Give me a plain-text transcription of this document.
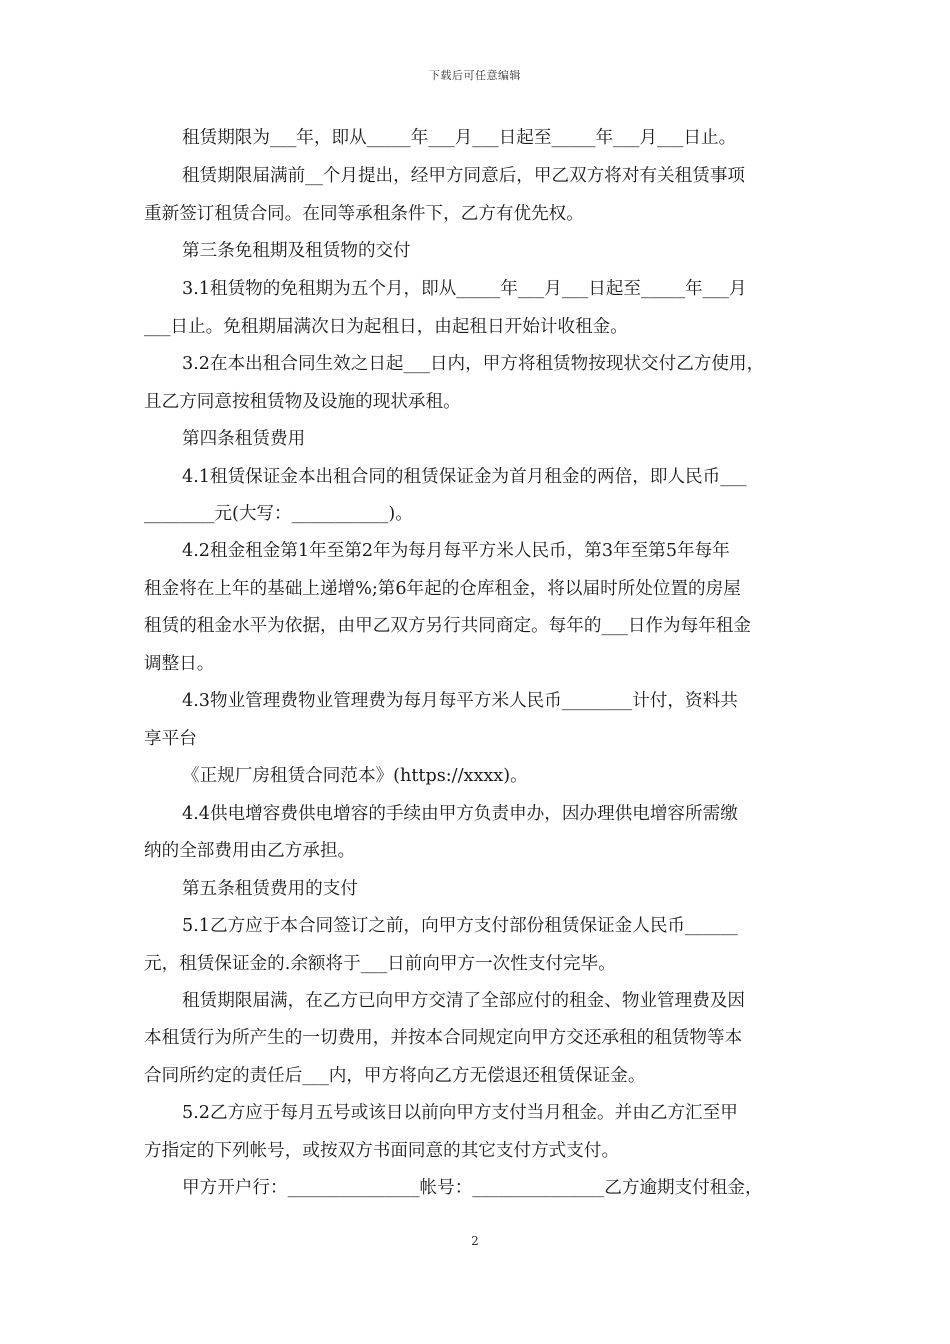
下载后可任意编辑
租赁期限为___年，即从_____年___月___日起至_____年___月___日止。
租赁期限届满前__个月提出，经甲方同意后，甲乙双方将对有关租赁事项
重新签订租赁合同。在同等承租条件下，乙方有优先权。
第三条免租期及租赁物的交付
3.1租赁物的免租期为五个月，即从_____年___月___日起至_____年___月
___日止。免租期届满次日为起租日，由起租日开始计收租金。
3.2在本出租合同生效之日起___日内，甲方将租赁物按现状交付乙方使用，
且乙方同意按租赁物及设施的现状承租。
第四条租赁费用
4.1租赁保证金本出租合同的租赁保证金为首月租金的两倍，即人民币___
________元(大写：___________)。
4.2租金租金第1年至第2年为每月每平方米人民币，第3年至第5年每年
租金将在上年的基础上递增%;第6年起的仓库租金，将以届时所处位置的房屋
租赁的租金水平为依据，由甲乙双方另行共同商定。每年的___日作为每年租金
调整日。
4.3物业管理费物业管理费为每月每平方米人民币________计付，资料共
享平台
《正规厂房租赁合同范本》(https://xxxx)。
4.4供电增容费供电增容的手续由甲方负责申办，因办理供电增容所需缴
纳的全部费用由乙方承担。
第五条租赁费用的支付
5.1乙方应于本合同签订之前，向甲方支付部份租赁保证金人民币______
元，租赁保证金的.余额将于___日前向甲方一次性支付完毕。
租赁期限届满，在乙方已向甲方交清了全部应付的租金、物业管理费及因
本租赁行为所产生的一切费用，并按本合同规定向甲方交还承租的租赁物等本
合同所约定的责任后___内，甲方将向乙方无偿退还租赁保证金。
5.2乙方应于每月五号或该日以前向甲方支付当月租金。并由乙方汇至甲
方指定的下列帐号，或按双方书面同意的其它支付方式支付。
甲方开户行：_______________帐号：_______________乙方逾期支付租金，
2
